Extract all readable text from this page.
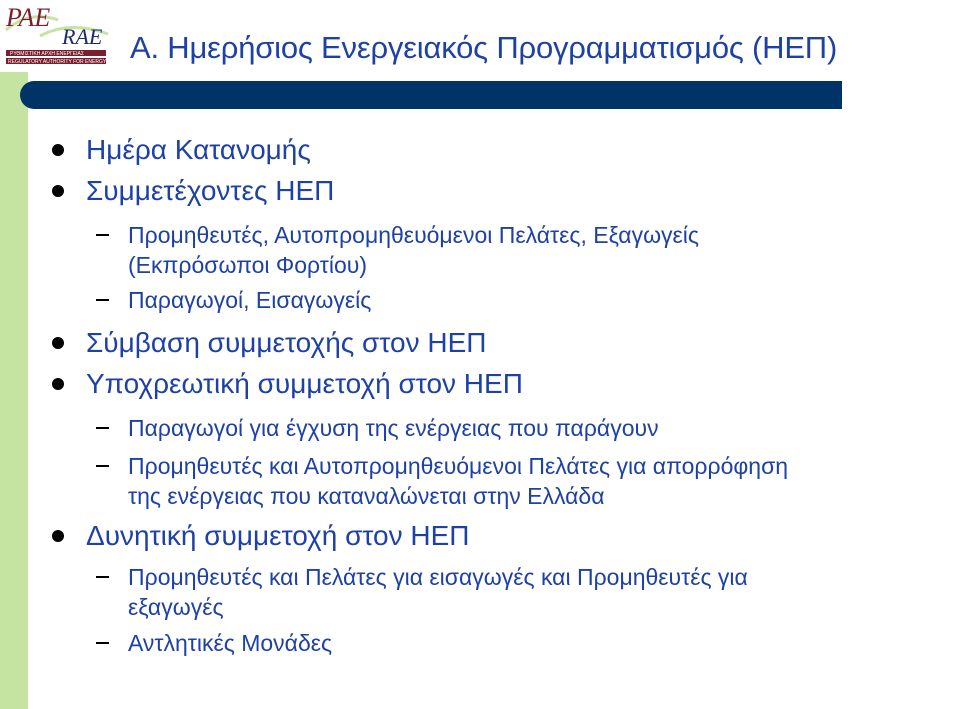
PAE
RAE
ΡΥΘΜΙΣΤΙΚΗ ΑΡΧΗ ΕΝΕΡΓΕΙΑΣ
REGULATORY AUTHORITY FOR ENERGY Α. Ημερήσιος Ενεργειακός Προγραμματισμός (ΗΕΠ)
Ημέρα Κατανομής
Συμμετέχοντες ΗΕΠ
Προμηθευτές, Αυτοπρομηθευόμενοι Πελάτες, Εξαγωγείς
(Εκπρόσωποι Φορτίου)
Παραγωγοί, Εισαγωγείς
Σύμβαση συμμετοχής στον ΗΕΠ
Υποχρεωτική συμμετοχή στον ΗΕΠ
Παραγωγοί για έγχυση της ενέργειας που παράγουν
Προμηθευτές και Αυτοπρομηθευόμενοι Πελάτες για απορρόφηση
της ενέργειας που καταναλώνεται στην Ελλάδα
Δυνητική συμμετοχή στον ΗΕΠ
Προμηθευτές και Πελάτες για εισαγωγές και Προμηθευτές για
εξαγωγές
Αντλητικές Μονάδες
